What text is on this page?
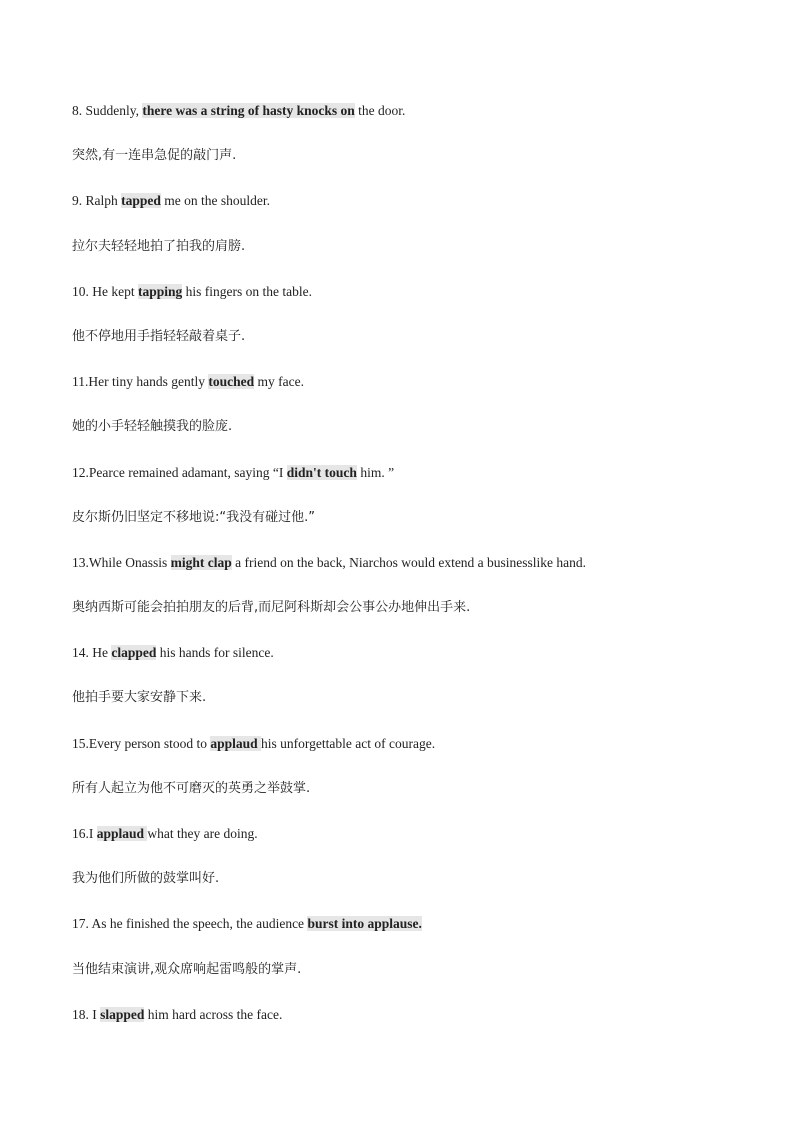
8. Suddenly, there was a string of hasty knocks on the door.
突然,有一连串急促的敲门声.
9. Ralph tapped me on the shoulder.
拉尔夫轻轻地拍了拍我的肩膀.
10. He kept tapping his fingers on the table.
他不停地用手指轻轻敲着桌子.
11.Her tiny hands gently touched my face.
她的小手轻轻触摸我的脸庞.
12.Pearce remained adamant, saying “I didn't touch him. ”
皮尔斯仍旧坚定不移地说:“我没有碰过他.”
13.While Onassis might clap a friend on the back, Niarchos would extend a businesslike hand.
奥纳西斯可能会拍拍朋友的后背,而尼阿科斯却会公事公办地伸出手来.
14. He clapped his hands for silence.
他拍手要大家安静下来.
15.Every person stood to applaud his unforgettable act of courage.
所有人起立为他不可磨灭的英勇之举鼓掌.
16.I applaud what they are doing.
我为他们所做的鼓掌叫好.
17. As he finished the speech, the audience burst into applause.
当他结束演讲,观众席响起雷鸣般的掌声.
18. I slapped him hard across the face.
